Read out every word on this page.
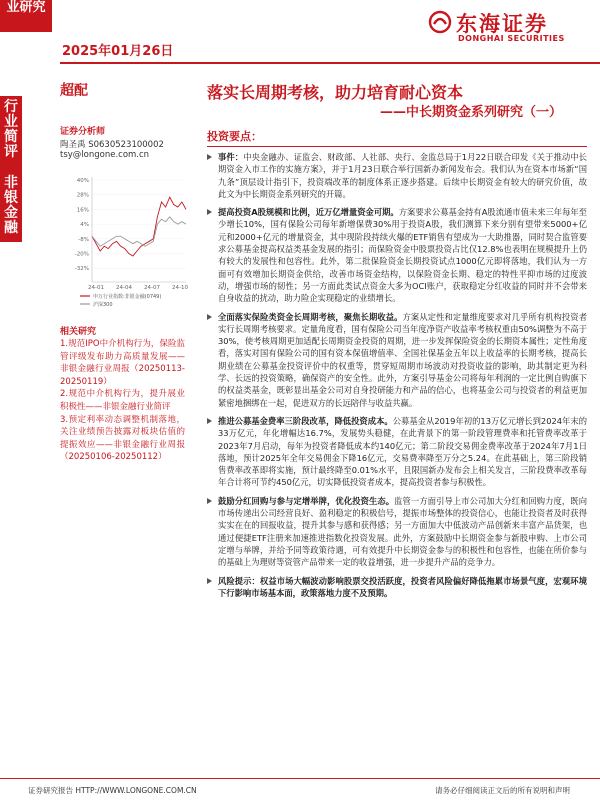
业研究
2025年01月26日
东海证券
DONGHAI SECURITIES
行业简评
非银金融
超配
证券分析师
陶圣禹 S0630523100002
tsy@longone.com.cn
40%
28%
16%
4%
-8%
-20%
-32%
24-01 24-04 24-07 24-10
申万行业指数:非银金融(0749)
沪深300
相关研究
1.规范IPO中介机构行为，保险监管评级发布助力高质量发展——非银金融行业周报（20250113-20250119）
2.规范中介机构行为，提升展业积极性——非银金融行业简评
3.预定利率动态调整机制落地，关注业绩预告披露对板块估值的提振效应——非银金融行业周报（20250106-20250112）
落实长周期考核，助力培育耐心资本
——中长期资金系列研究（一）
投资要点：
事件：中央金融办、证监会、财政部、人社部、央行、金监总局于1月22日联合印发《关于推动中长期资金入市工作的实施方案》，并于1月23日联合举行国新办新闻发布会。我们认为在资本市场新“国九条”顶层设计指引下，投资端改革的制度体系正逐步搭建。后续中长期资金有较大的研究价值，故此文为中长期资金系列研究的开篇。
提高投资A股规模和比例，近万亿增量资金可期。方案要求公募基金持有A股流通市值未来三年每年至少增长10%，国有保险公司每年新增保费30%用于投资A股，我们测算下来分别有望带来5000+亿元和2000+亿元的增量资金，其中现阶段持续火爆的ETF销售有望成为一大助推器，同时契合监管要求公募基金提高权益类基金发展的指引；而保险资金中股票投资占比仅12.8%也表明在规模提升上仍有较大的发展性和包容性。此外，第二批保险资金长期投资试点1000亿元即将落地，我们认为一方面可有效增加长期资金供给，改善市场资金结构，以保险资金长期、稳定的特性平抑市场的过度波动，增强市场的韧性；另一方面此类试点资金大多为OCI账户，获取稳定分红收益的同时并不会带来自身收益的扰动，助力险企实现稳定的业绩增长。
全面落实保险类资金长周期考核，聚焦长期收益。方案从定性和定量维度要求对几乎所有机构投资者实行长周期考核要求。定量角度看，国有保险公司当年度净资产收益率考核权重由50%调整为不高于30%，使考核周期更加适配长周期资金投资的周期，进一步发挥保险资金的长期资本属性；定性角度看，落实对国有保险公司的国有资本保值增值率、全国社保基金五年以上收益率的长期考核，提高长期业绩在公募基金投资评价中的权重等，贯穿短周期市场波动对投资收益的影响，助其制定更为科学、长远的投资策略，确保资产的安全性。此外，方案引导基金公司将每年利润的一定比例自购旗下的权益类基金，既彰显出基金公司对自身投研能力和产品的信心，也将基金公司与投资者的利益更加紧密地捆绑在一起，促进双方的长远陪伴与收益共赢。
推进公募基金费率三阶段改革，降低投资成本。公募基金从2019年初的13万亿元增长到2024年末的33万亿元，年化增幅达16.7%，发展势头稳健，在此背景下的第一阶段管理费率和托管费率改革于2023年7月启动，每年为投资者降低成本约140亿元；第二阶段交易佣金费率改革于2024年7月1日落地，预计2025年全年交易佣金下降16亿元，交易费率降至万分之5.24。在此基础上，第三阶段销售费率改革即将实施，预计最终降至0.01%水平，且限国新办发布会上相关发言，三阶段费率改革每年合计将可节约450亿元，切实降低投资者成本，提高投资者参与积极性。
鼓励分红回购与参与定增举牌，优化投资生态。监管一方面引导上市公司加大分红和回购力度，既向市场传递出公司经营良好、盈利稳定的积极信号，提振市场整体的投资信心，也能让投资者及时获得实实在在的回报收益，提升其参与感和获得感；另一方面加大中低波动产品创新来丰富产品货架，也通过便捷ETF注册来加速推进指数化投资发展。此外，方案鼓励中长期资金参与新股申购、上市公司定增与举牌，并给予同等政策待遇，可有效提升中长期资金参与的积极性和包容性，也能在所价参与的基础上为理财等资管产品带来一定的收益增强，进一步提升产品的竞争力。
风险提示：权益市场大幅波动影响股票交投活跃度，投资者风险偏好降低拖累市场景气度，宏观环境下行影响市场基本面，政策落地力度不及预期。
证券研究报告 HTTP://WWW.LONGONE.COM.CN	请务必仔细阅读正文后的所有说明和声明
